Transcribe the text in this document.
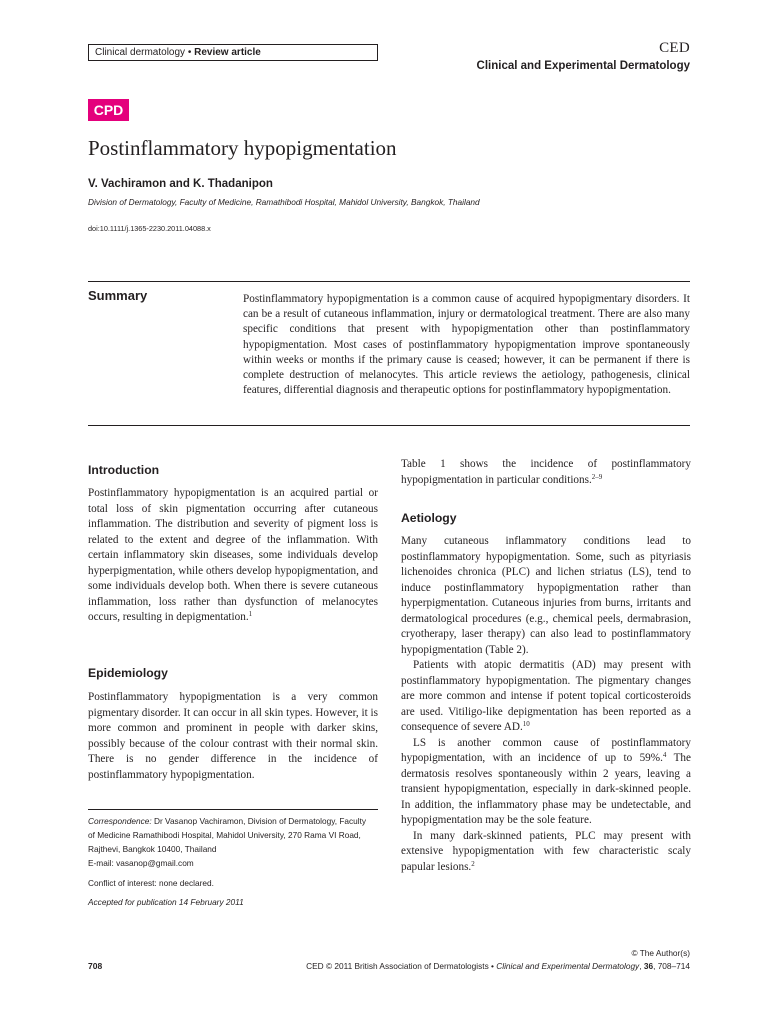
Clinical dermatology • Review article	CED
Clinical and Experimental Dermatology
CPD
Postinflammatory hypopigmentation
V. Vachiramon and K. Thadanipon
Division of Dermatology, Faculty of Medicine, Ramathibodi Hospital, Mahidol University, Bangkok, Thailand
doi:10.1111/j.1365-2230.2011.04088.x
Summary	Postinflammatory hypopigmentation is a common cause of acquired hypopigmentary disorders. It can be a result of cutaneous inflammation, injury or dermatological treatment. There are also many specific conditions that present with hypopigmentation other than postinflammatory hypopigmentation. Most cases of postinflammatory hypopigmentation improve spontaneously within weeks or months if the primary cause is ceased; however, it can be permanent if there is complete destruction of melanocytes. This article reviews the aetiology, pathogenesis, clinical features, differential diagnosis and therapeutic options for postinflammatory hypopigmentation.
Introduction

Postinflammatory hypopigmentation is an acquired partial or total loss of skin pigmentation occurring after cutaneous inflammation. The distribution and severity of pigment loss is related to the extent and degree of the inflammation. With certain inflammatory skin diseases, some individuals develop hyperpigmentation, while others develop hypopigmentation, and some individuals develop both. When there is severe cutaneous inflammation, loss rather than dysfunction of melanocytes occurs, resulting in depigmentation.$^1$

Epidemiology

Postinflammatory hypopigmentation is a very common pigmentary disorder. It can occur in all skin types. However, it is more common and prominent in people with darker skins, possibly because of the colour contrast with their normal skin. There is no gender difference in the incidence of postinflammatory hypopigmentation.

Table 1 shows the incidence of postinflammatory hypopigmentation in particular conditions.$^{2-9}$

Aetiology

Many cutaneous inflammatory conditions lead to postinflammatory hypopigmentation. Some, such as pityriasis lichenoides chronica (PLC) and lichen striatus (LS), tend to induce postinflammatory hypopigmentation rather than hyperpigmentation. Cutaneous injuries from burns, irritants and dermatological procedures (e.g., chemical peels, dermabrasion, cryotherapy, laser therapy) can also lead to postinflammatory hypopigmentation (Table 2).

Patients with atopic dermatitis (AD) may present with postinflammatory hypopigmentation. The pigmentary changes are more common and intense if potent topical corticosteroids are used. Vitiligo-like depigmentation has been reported as a consequence of severe AD.$^{10}$

LS is another common cause of postinflammatory hypopigmentation, with an incidence of up to 59%.$^4$ The dermatosis resolves spontaneously within 2 years, leaving a transient hypopigmentation, especially in dark-skinned people. In addition, the inflammatory phase may be undetectable, and hypopigmentation may be the sole feature.

In many dark-skinned patients, PLC may present with extensive hypopigmentation with few characteristic scaly papular lesions.$^2$

Correspondence: Dr Vasanop Vachiramon, Division of Dermatology, Faculty
of Medicine Ramathibodi Hospital, Mahidol University, 270 Rama VI Road,
Rajthevi, Bangkok 10400, Thailand
E-mail: vasanop@gmail.com
Conflict of interest: none declared.
Accepted for publication 14 February 2011
© The Author(s)
708	CED © 2011 British Association of Dermatologists • Clinical and Experimental Dermatology, 36, 708–714
